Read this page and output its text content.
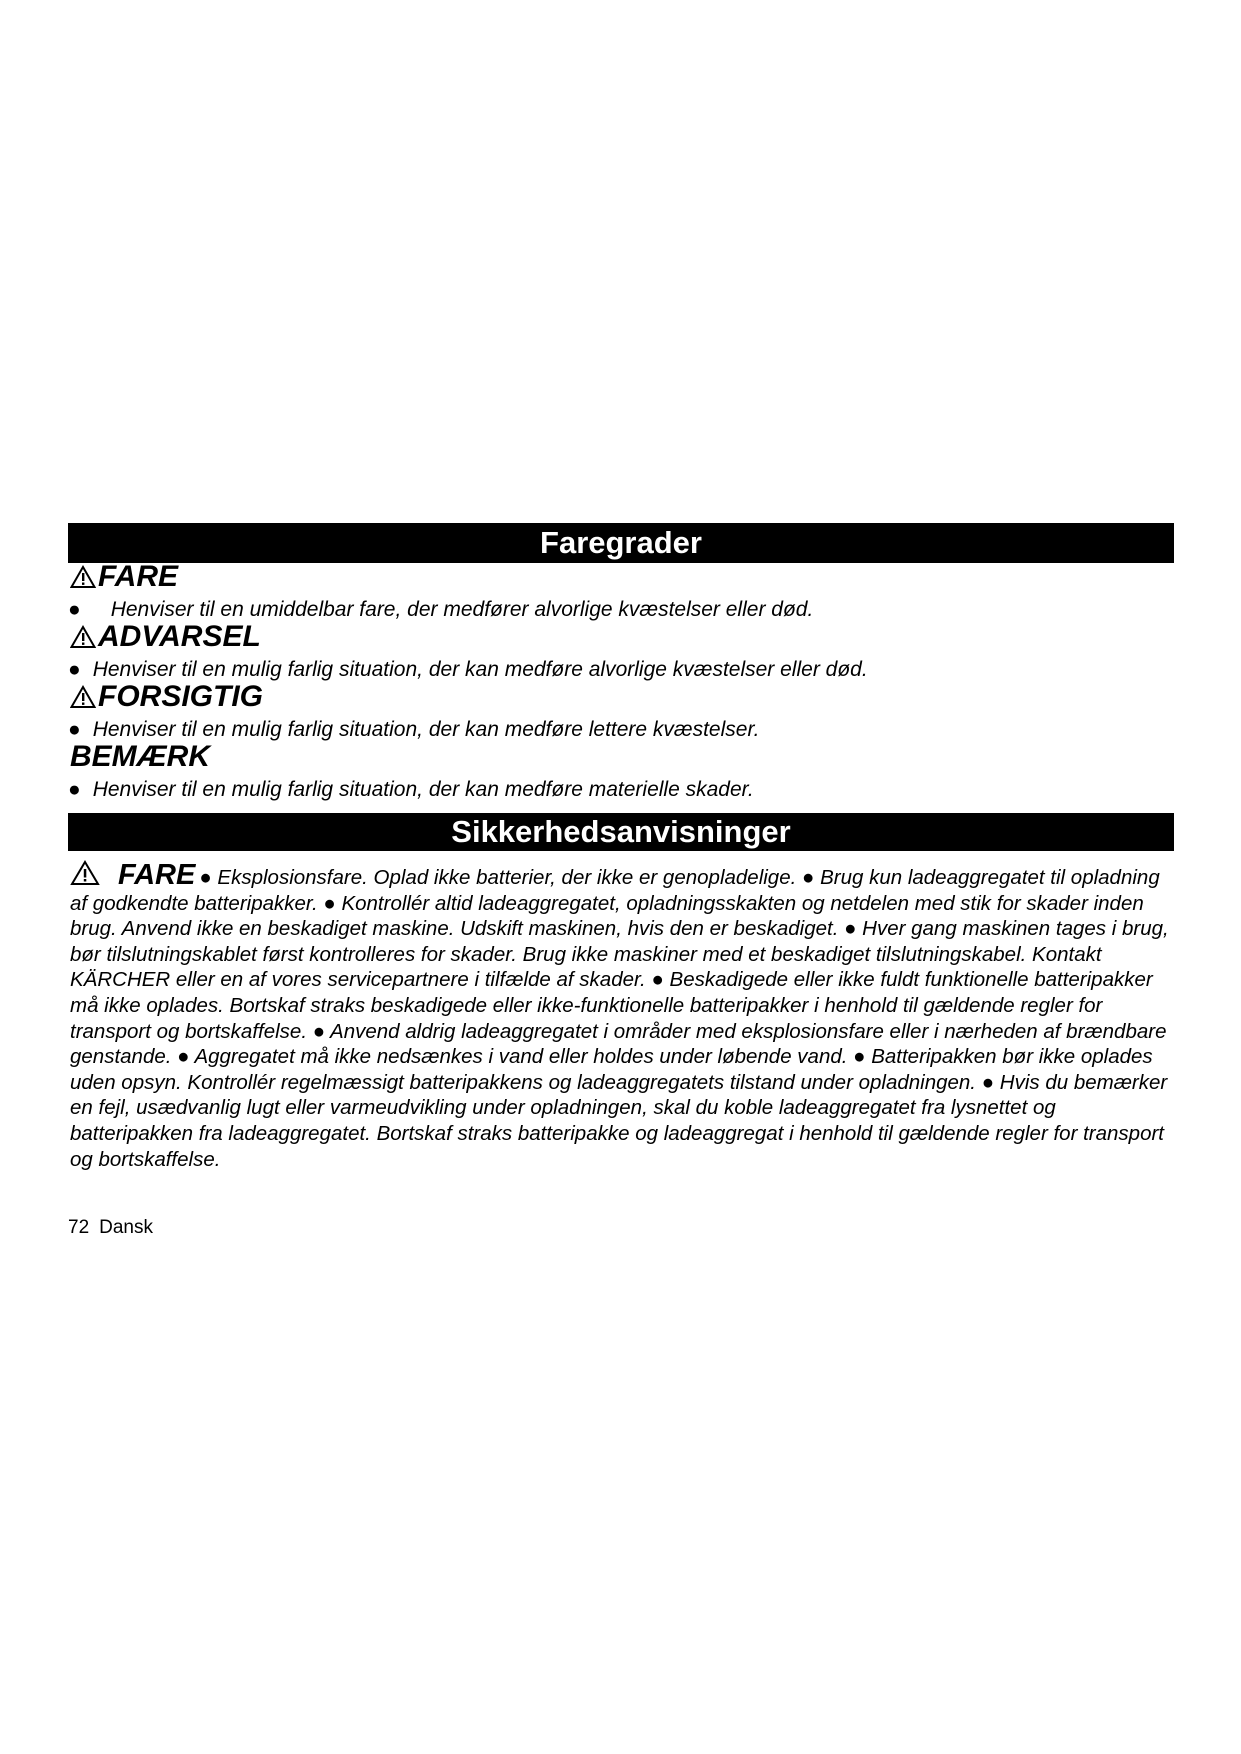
Faregrader
FARE
● Henviser til en umiddelbar fare, der medfører alvorlige kvæstelser eller død.
ADVARSEL
● Henviser til en mulig farlig situation, der kan medføre alvorlige kvæstelser eller død.
FORSIGTIG
● Henviser til en mulig farlig situation, der kan medføre lettere kvæstelser.
BEMÆRK
● Henviser til en mulig farlig situation, der kan medføre materielle skader.
Sikkerhedsanvisninger
FARE ● Eksplosionsfare. Oplad ikke batterier, der ikke er genopladelige. ● Brug kun ladeaggregatet til opladning af godkendte batteripakker. ● Kontrollér altid ladeaggregatet, opladningsskakten og netdelen med stik for skader inden brug. Anvend ikke en beskadiget maskine. Udskift maskinen, hvis den er beskadiget. ● Hver gang maskinen tages i brug, bør tilslutningskablet først kontrolleres for skader. Brug ikke maskiner med et beskadiget tilslutningskabel. Kontakt KÄRCHER eller en af vores servicepartnere i tilfælde af skader. ● Beskadigede eller ikke fuldt funktionelle batteripakker må ikke oplades. Bortskaf straks beskadigede eller ikke-funktionelle batteripakker i henhold til gældende regler for transport og bortskaffelse. ● Anvend aldrig ladeaggregatet i områder med eksplosionsfare eller i nærheden af brændbare genstande. ● Aggregatet må ikke nedsænkes i vand eller holdes under løbende vand. ● Batteripakken bør ikke oplades uden opsyn. Kontrollér regelmæssigt batteripakkens og ladeaggregatets tilstand under opladningen. ● Hvis du bemærker en fejl, usædvanlig lugt eller varmeudvikling under opladningen, skal du koble ladeaggregatet fra lysnettet og batteripakken fra ladeaggregatet. Bortskaf straks batteripakke og ladeaggregat i henhold til gældende regler for transport og bortskaffelse.
72 Dansk
